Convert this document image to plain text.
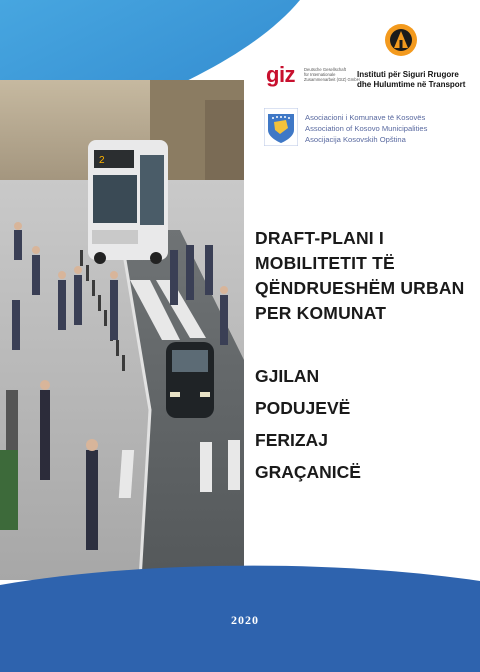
2
giz Deutsche Gesellschaft
für Internationale
Zusammenarbeit (GIZ) GmbH
Instituti për Siguri Rrugore
dhe Hulumtime në Transport
Asociacioni i Komunave të Kosovës
Association of Kosovo Municipalities
Asocijacija Kosovskih Opština
DRAFT-PLANI I
MOBILITETIT TË
QËNDRUESHËM URBAN
PER KOMUNAT
GJILAN
PODUJEVË
FERIZAJ
GRAÇANICË
2020
